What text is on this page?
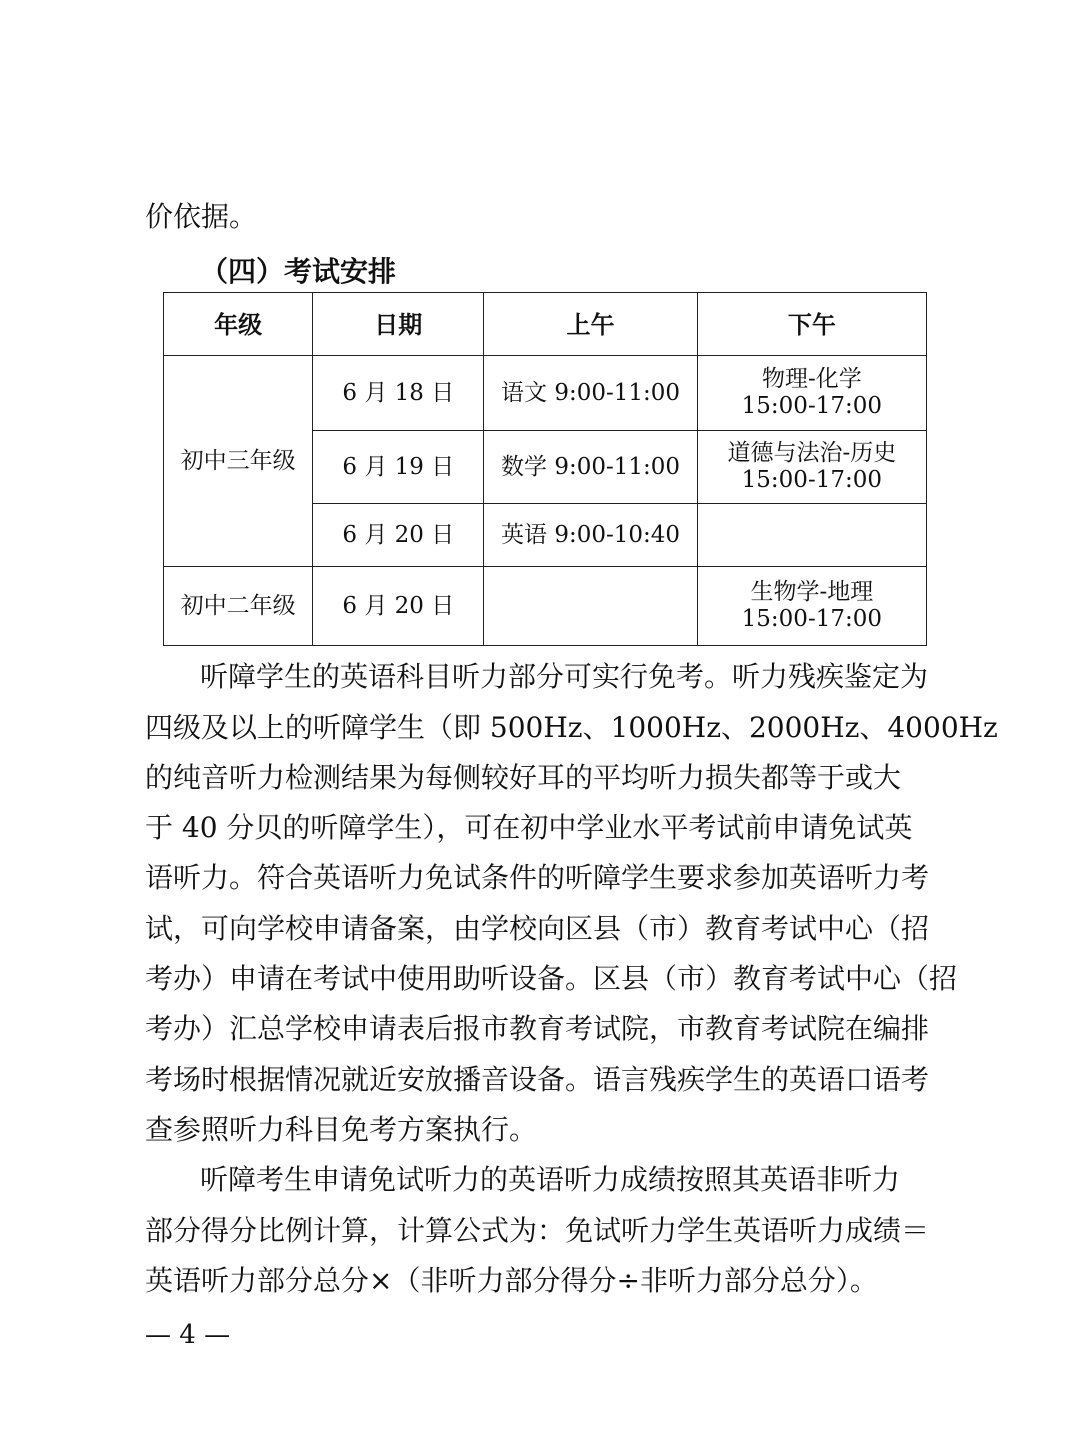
价依据。
（四）考试安排
年级	日期	上午	下午
初中三年级	6 月 18 日	语文 9:00-11:00	物理-化学
15:00-17:00

	6 月 19 日	数学 9:00-11:00	道德与法治-历史
15:00-17:00

	6 月 20 日	英语 9:00-10:40	
初中二年级	6 月 20 日		生物学-地理
15:00-17:00
听障学生的英语科目听力部分可实行免考。听力残疾鉴定为
四级及以上的听障学生（即 500Hz、1000Hz、2000Hz、4000Hz
的纯音听力检测结果为每侧较好耳的平均听力损失都等于或大
于 40 分贝的听障学生），可在初中学业水平考试前申请免试英
语听力。符合英语听力免试条件的听障学生要求参加英语听力考
试，可向学校申请备案，由学校向区县（市）教育考试中心（招
考办）申请在考试中使用助听设备。区县（市）教育考试中心（招
考办）汇总学校申请表后报市教育考试院，市教育考试院在编排
考场时根据情况就近安放播音设备。语言残疾学生的英语口语考
查参照听力科目免考方案执行。
听障考生申请免试听力的英语听力成绩按照其英语非听力
部分得分比例计算，计算公式为：免试听力学生英语听力成绩＝
英语听力部分总分×（非听力部分得分÷非听力部分总分）。
— 4 —
